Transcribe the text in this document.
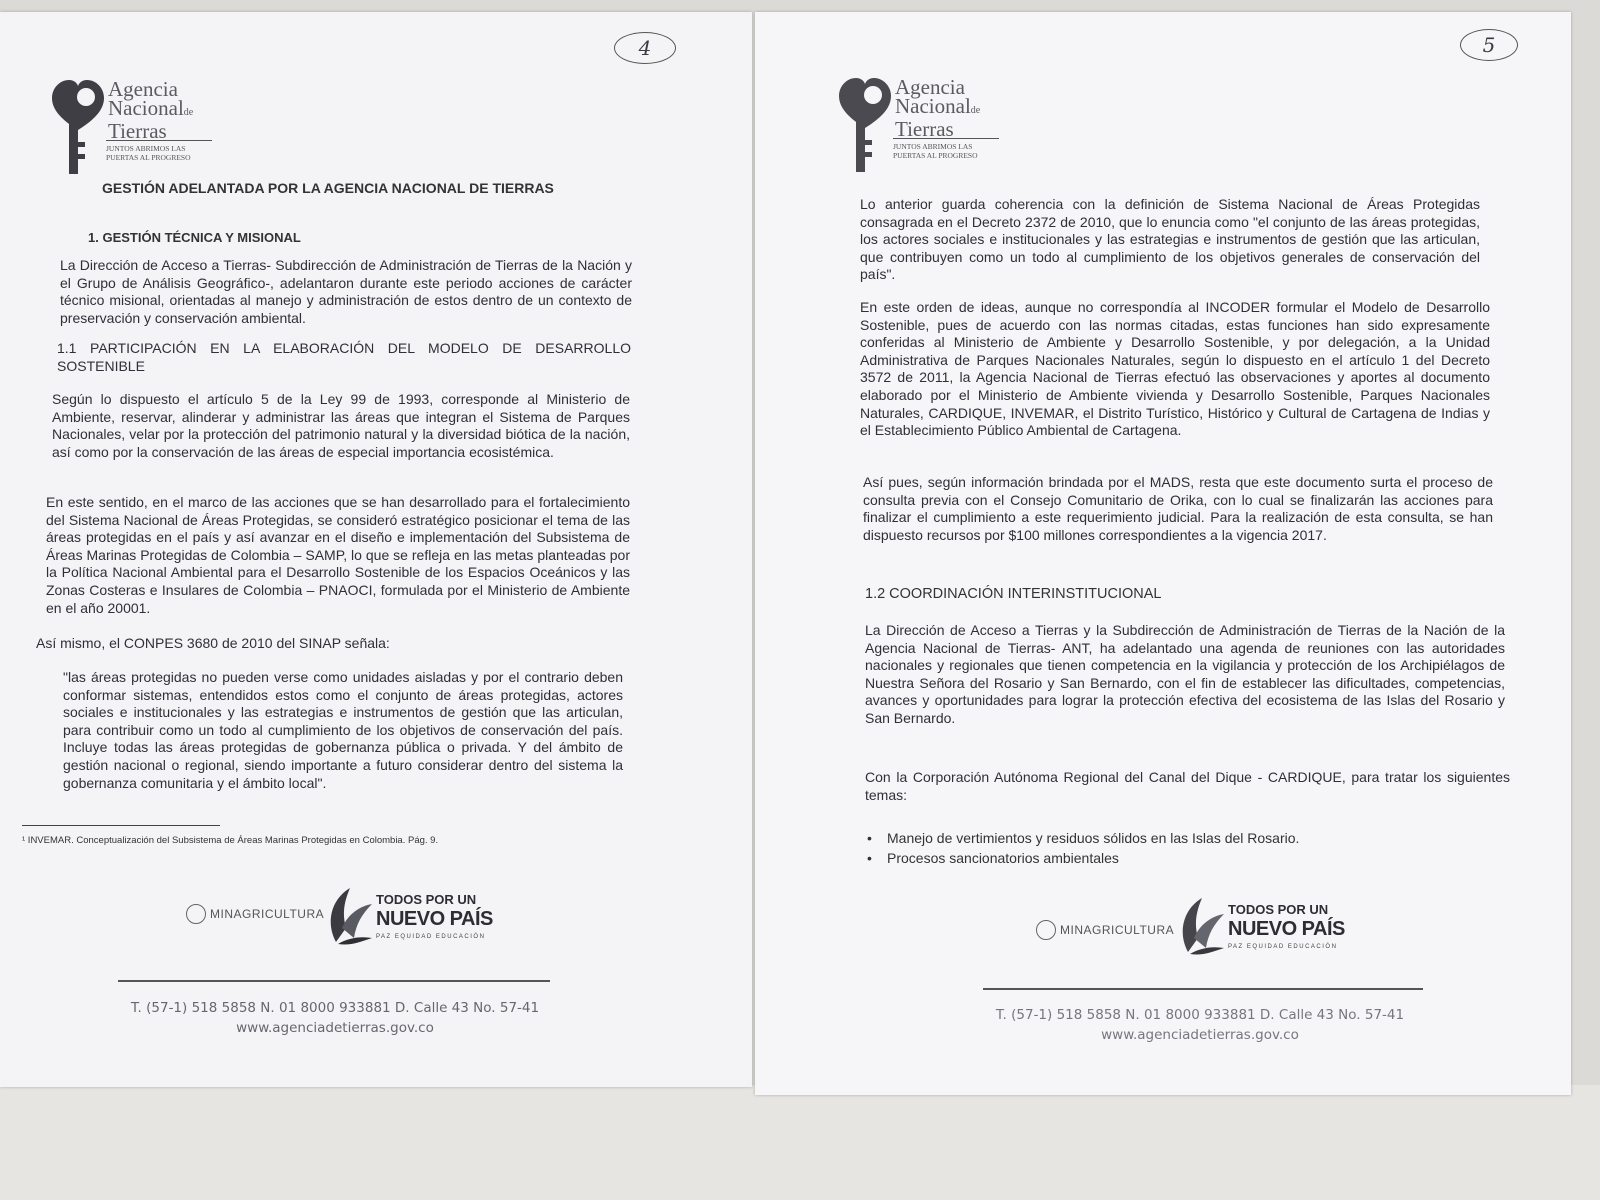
4
Agencia
Nacionalde
Tierras
JUNTOS ABRIMOS LAS PUERTAS AL PROGRESO
GESTIÓN ADELANTADA POR LA AGENCIA NACIONAL DE TIERRAS
1. GESTIÓN TÉCNICA Y MISIONAL
La Dirección de Acceso a Tierras- Subdirección de Administración de Tierras de la Nación y el Grupo de Análisis Geográfico-, adelantaron durante este periodo acciones de carácter técnico misional, orientadas al manejo y administración de estos dentro de un contexto de preservación y conservación ambiental.
1.1 PARTICIPACIÓN EN LA ELABORACIÓN DEL MODELO DE DESARROLLO SOSTENIBLE
Según lo dispuesto el artículo 5 de la Ley 99 de 1993, corresponde al Ministerio de Ambiente, reservar, alinderar y administrar las áreas que integran el Sistema de Parques Nacionales, velar por la protección del patrimonio natural y la diversidad biótica de la nación, así como por la conservación de las áreas de especial importancia ecosistémica.
En este sentido, en el marco de las acciones que se han desarrollado para el fortalecimiento del Sistema Nacional de Áreas Protegidas, se consideró estratégico posicionar el tema de las áreas protegidas en el país y así avanzar en el diseño e implementación del Subsistema de Áreas Marinas Protegidas de Colombia – SAMP, lo que se refleja en las metas planteadas por la Política Nacional Ambiental para el Desarrollo Sostenible de los Espacios Oceánicos y las Zonas Costeras e Insulares de Colombia – PNAOCI, formulada por el Ministerio de Ambiente en el año 20001.
Así mismo, el CONPES 3680 de 2010 del SINAP señala:
"las áreas protegidas no pueden verse como unidades aisladas y por el contrario deben conformar sistemas, entendidos estos como el conjunto de áreas protegidas, actores sociales e institucionales y las estrategias e instrumentos de gestión que las articulan, para contribuir como un todo al cumplimiento de los objetivos de conservación del país. Incluye todas las áreas protegidas de gobernanza pública o privada. Y del ámbito de gestión nacional o regional, siendo importante a futuro considerar dentro del sistema la gobernanza comunitaria y el ámbito local".
¹ INVEMAR. Conceptualización del Subsistema de Áreas Marinas Protegidas en Colombia. Pág. 9.
MINAGRICULTURA
TODOS POR UN
NUEVO PAÍS
PAZ EQUIDAD EDUCACIÓN
T. (57-1) 518 5858 N. 01 8000 933881 D. Calle 43 No. 57-41
www.agenciadetierras.gov.co
5
Agencia
Nacionalde
Tierras
JUNTOS ABRIMOS LAS PUERTAS AL PROGRESO
Lo anterior guarda coherencia con la definición de Sistema Nacional de Áreas Protegidas consagrada en el Decreto 2372 de 2010, que lo enuncia como "el conjunto de las áreas protegidas, los actores sociales e institucionales y las estrategias e instrumentos de gestión que las articulan, que contribuyen como un todo al cumplimiento de los objetivos generales de conservación del país".
En este orden de ideas, aunque no correspondía al INCODER formular el Modelo de Desarrollo Sostenible, pues de acuerdo con las normas citadas, estas funciones han sido expresamente conferidas al Ministerio de Ambiente y Desarrollo Sostenible, y por delegación, a la Unidad Administrativa de Parques Nacionales Naturales, según lo dispuesto en el artículo 1 del Decreto 3572 de 2011, la Agencia Nacional de Tierras efectuó las observaciones y aportes al documento elaborado por el Ministerio de Ambiente vivienda y Desarrollo Sostenible, Parques Nacionales Naturales, CARDIQUE, INVEMAR, el Distrito Turístico, Histórico y Cultural de Cartagena de Indias y el Establecimiento Público Ambiental de Cartagena.
Así pues, según información brindada por el MADS, resta que este documento surta el proceso de consulta previa con el Consejo Comunitario de Orika, con lo cual se finalizarán las acciones para finalizar el cumplimiento a este requerimiento judicial. Para la realización de esta consulta, se han dispuesto recursos por $100 millones correspondientes a la vigencia 2017.
1.2 COORDINACIÓN INTERINSTITUCIONAL
La Dirección de Acceso a Tierras y la Subdirección de Administración de Tierras de la Nación de la Agencia Nacional de Tierras- ANT, ha adelantado una agenda de reuniones con las autoridades nacionales y regionales que tienen competencia en la vigilancia y protección de los Archipiélagos de Nuestra Señora del Rosario y San Bernardo, con el fin de establecer las dificultades, competencias, avances y oportunidades para lograr la protección efectiva del ecosistema de las Islas del Rosario y San Bernardo.
Con la Corporación Autónoma Regional del Canal del Dique - CARDIQUE, para tratar los siguientes temas:
• Manejo de vertimientos y residuos sólidos en las Islas del Rosario.
• Procesos sancionatorios ambientales
MINAGRICULTURA
TODOS POR UN
NUEVO PAÍS
PAZ EQUIDAD EDUCACIÓN
T. (57-1) 518 5858 N. 01 8000 933881 D. Calle 43 No. 57-41
www.agenciadetierras.gov.co
